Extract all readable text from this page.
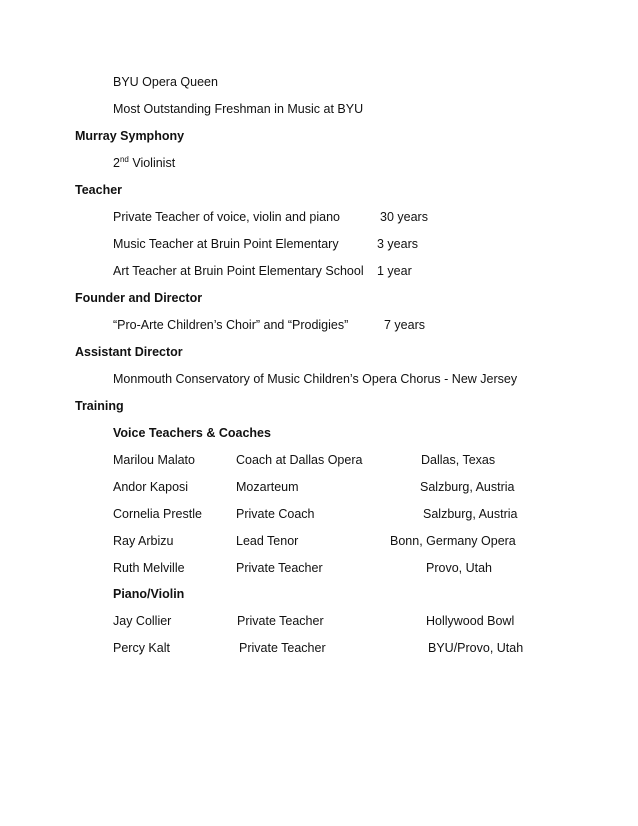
BYU Opera Queen
Most Outstanding Freshman in Music at BYU
Murray Symphony
2nd Violinist
Teacher
Private Teacher of voice, violin and piano	30 years
Music Teacher at Bruin Point Elementary	3 years
Art Teacher at Bruin Point Elementary School 1 year
Founder and Director
“Pro-Arte Children’s Choir” and “Prodigies”	7 years
Assistant Director
Monmouth Conservatory of Music Children’s Opera Chorus - New Jersey
Training
Voice Teachers & Coaches
Marilou Malato	Coach at Dallas Opera	Dallas, Texas
Andor Kaposi	Mozarteum	Salzburg, Austria
Cornelia Prestle	Private Coach	Salzburg, Austria
Ray Arbizu	Lead Tenor	Bonn, Germany Opera
Ruth Melville	Private Teacher	Provo, Utah
Piano/Violin
Jay Collier	Private Teacher	Hollywood Bowl
Percy Kalt	Private Teacher	BYU/Provo, Utah
